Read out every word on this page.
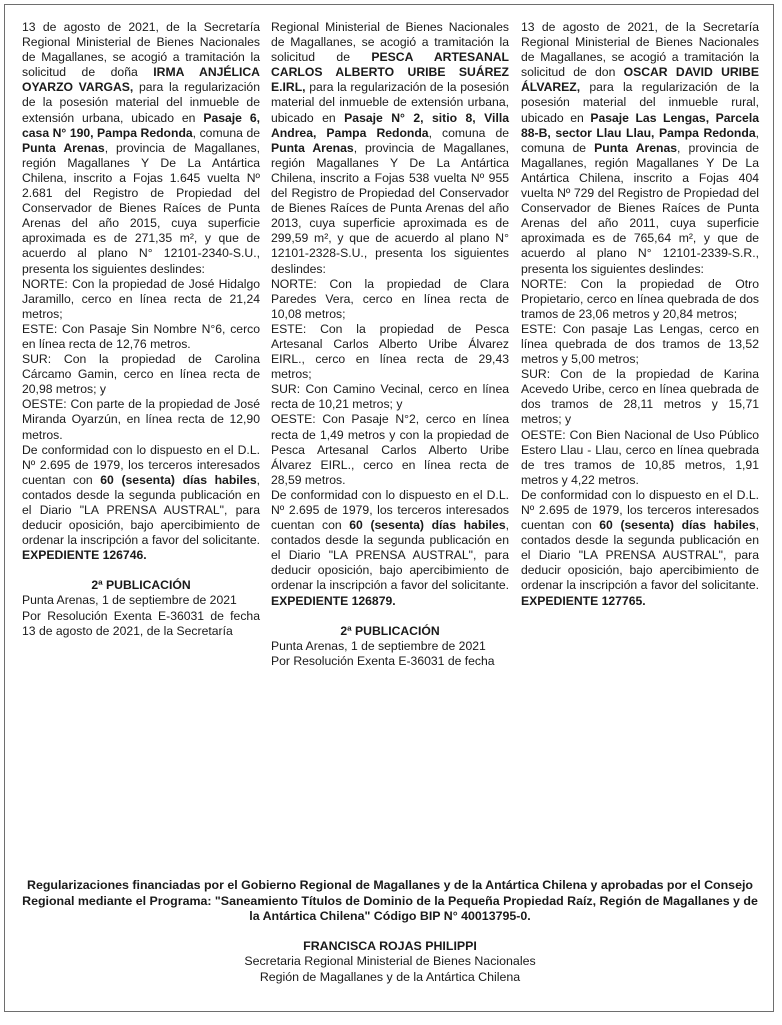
13 de agosto de 2021, de la Secretaría Regional Ministerial de Bienes Nacionales de Magallanes, se acogió a tramitación la solicitud de doña IRMA ANJÉLICA OYARZO VARGAS, para la regularización de la posesión material del inmueble de extensión urbana, ubicado en Pasaje 6, casa N° 190, Pampa Redonda, comuna de Punta Arenas, provincia de Magallanes, región Magallanes Y De La Antártica Chilena, inscrito a Fojas 1.645 vuelta Nº 2.681 del Registro de Propiedad del Conservador de Bienes Raíces de Punta Arenas del año 2015, cuya superficie aproximada es de 271,35 m², y que de acuerdo al plano N° 12101-2340-S.U., presenta los siguientes deslindes:

NORTE: Con la propiedad de José Hidalgo Jaramillo, cerco en línea recta de 21,24 metros;

ESTE: Con Pasaje Sin Nombre N°6, cerco en línea recta de 12,76 metros.

SUR: Con la propiedad de Carolina Cárcamo Gamin, cerco en línea recta de 20,98 metros; y

OESTE: Con parte de la propiedad de José Miranda Oyarzún, en línea recta de 12,90 metros.

De conformidad con lo dispuesto en el D.L. Nº 2.695 de 1979, los terceros interesados cuentan con 60 (sesenta) días habiles, contados desde la segunda publicación en el Diario "LA PRENSA AUSTRAL", para deducir oposición, bajo apercibimiento de ordenar la inscripción a favor del solicitante. EXPEDIENTE 126746.

2ª PUBLICACIÓN

Punta Arenas, 1 de septiembre de 2021

Por Resolución Exenta E-36031 de fecha 13 de agosto de 2021, de la Secretaría

Regional Ministerial de Bienes Nacionales de Magallanes, se acogió a tramitación la solicitud de PESCA ARTESANAL CARLOS ALBERTO URIBE SUÁREZ E.IRL, para la regularización de la posesión material del inmueble de extensión urbana, ubicado en Pasaje N° 2, sitio 8, Villa Andrea, Pampa Redonda, comuna de Punta Arenas, provincia de Magallanes, región Magallanes Y De La Antártica Chilena, inscrito a Fojas 538 vuelta Nº 955 del Registro de Propiedad del Conservador de Bienes Raíces de Punta Arenas del año 2013, cuya superficie aproximada es de 299,59 m², y que de acuerdo al plano N° 12101-2328-S.U., presenta los siguientes deslindes:

NORTE: Con la propiedad de Clara Paredes Vera, cerco en línea recta de 10,08 metros;

ESTE: Con la propiedad de Pesca Artesanal Carlos Alberto Uribe Álvarez EIRL., cerco en línea recta de 29,43 metros;

SUR: Con Camino Vecinal, cerco en línea recta de 10,21 metros; y

OESTE: Con Pasaje N°2, cerco en línea recta de 1,49 metros y con la propiedad de Pesca Artesanal Carlos Alberto Uribe Álvarez EIRL., cerco en línea recta de 28,59 metros.

De conformidad con lo dispuesto en el D.L. Nº 2.695 de 1979, los terceros interesados cuentan con 60 (sesenta) días habiles, contados desde la segunda publicación en el Diario "LA PRENSA AUSTRAL", para deducir oposición, bajo apercibimiento de ordenar la inscripción a favor del solicitante. EXPEDIENTE 126879.

2ª PUBLICACIÓN

Punta Arenas, 1 de septiembre de 2021

Por Resolución Exenta E-36031 de fecha

13 de agosto de 2021, de la Secretaría Regional Ministerial de Bienes Nacionales de Magallanes, se acogió a tramitación la solicitud de don OSCAR DAVID URIBE ÁLVAREZ, para la regularización de la posesión material del inmueble rural, ubicado en Pasaje Las Lengas, Parcela 88-B, sector Llau Llau, Pampa Redonda, comuna de Punta Arenas, provincia de Magallanes, región Magallanes Y De La Antártica Chilena, inscrito a Fojas 404 vuelta Nº 729 del Registro de Propiedad del Conservador de Bienes Raíces de Punta Arenas del año 2011, cuya superficie aproximada es de 765,64 m², y que de acuerdo al plano N° 12101-2339-S.R., presenta los siguientes deslindes:

NORTE: Con la propiedad de Otro Propietario, cerco en línea quebrada de dos tramos de 23,06 metros y 20,84 metros;

ESTE: Con pasaje Las Lengas, cerco en línea quebrada de dos tramos de 13,52 metros y 5,00 metros;

SUR: Con de la propiedad de Karina Acevedo Uribe, cerco en línea quebrada de dos tramos de 28,11 metros y 15,71 metros; y

OESTE: Con Bien Nacional de Uso Público Estero Llau - Llau, cerco en línea quebrada de tres tramos de 10,85 metros, 1,91 metros y 4,22 metros.

De conformidad con lo dispuesto en el D.L. Nº 2.695 de 1979, los terceros interesados cuentan con 60 (sesenta) días habiles, contados desde la segunda publicación en el Diario "LA PRENSA AUSTRAL", para deducir oposición, bajo apercibimiento de ordenar la inscripción a favor del solicitante. EXPEDIENTE 127765.

Regularizaciones financiadas por el Gobierno Regional de Magallanes y de la Antártica Chilena y aprobadas por el Consejo Regional mediante el Programa: "Saneamiento Títulos de Dominio de la Pequeña Propiedad Raíz, Región de Magallanes y de la Antártica Chilena" Código BIP N° 40013795-0.

FRANCISCA ROJAS PHILIPPI

Secretaria Regional Ministerial de Bienes Nacionales

Región de Magallanes y de la Antártica Chilena
